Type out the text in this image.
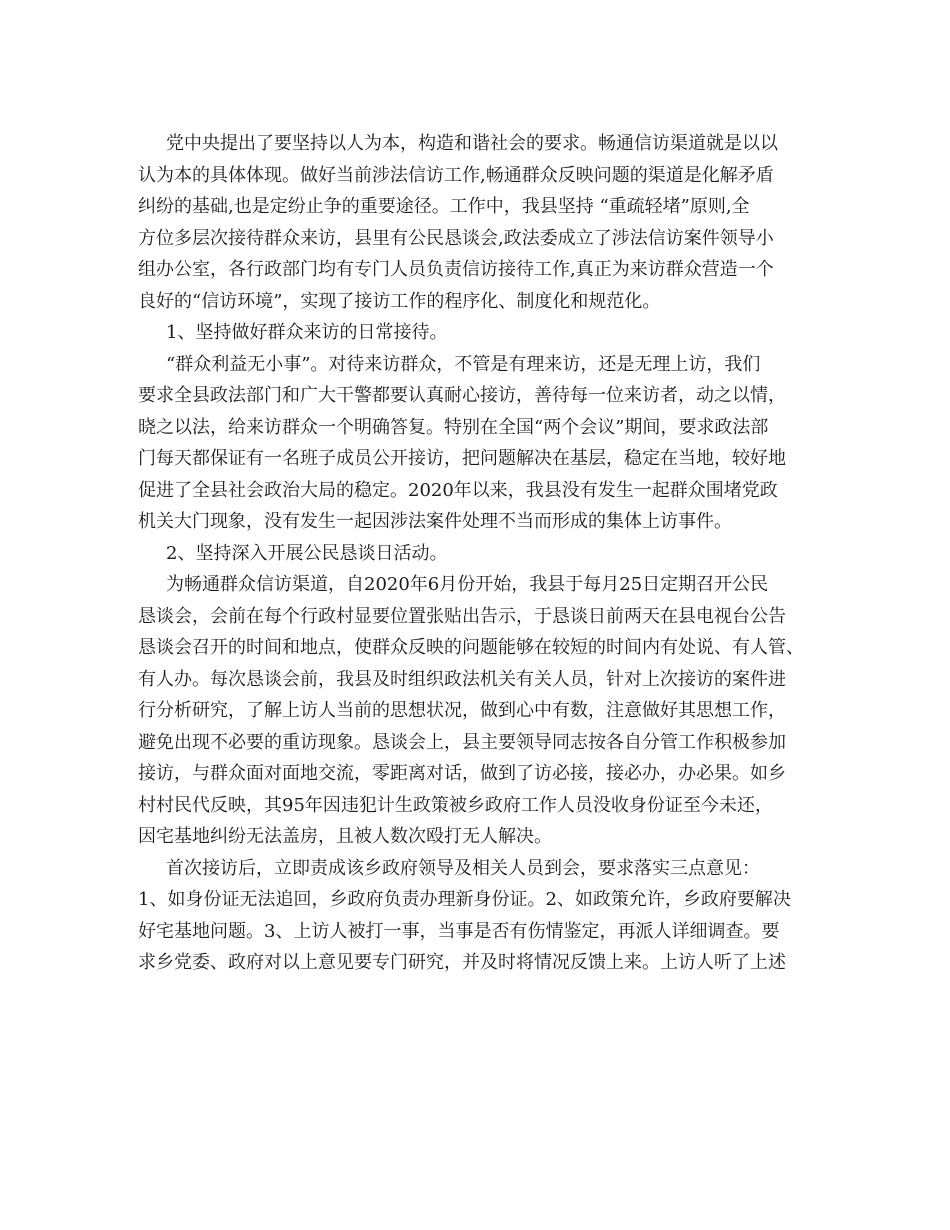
党中央提出了要坚持以人为本，构造和谐社会的要求。畅通信访渠道就是以以
认为本的具体体现。做好当前涉法信访工作,畅通群众反映问题的渠道是化解矛盾
纠纷的基础,也是定纷止争的重要途径。工作中，我县坚持 “重疏轻堵”原则,全
方位多层次接待群众来访，县里有公民恳谈会,政法委成立了涉法信访案件领导小
组办公室，各行政部门均有专门人员负责信访接待工作,真正为来访群众营造一个
良好的“信访环境”，实现了接访工作的程序化、制度化和规范化。
1、坚持做好群众来访的日常接待。
“群众利益无小事”。对待来访群众，不管是有理来访，还是无理上访，我们
要求全县政法部门和广大干警都要认真耐心接访，善待每一位来访者，动之以情，
晓之以法，给来访群众一个明确答复。特别在全国“两个会议”期间，要求政法部
门每天都保证有一名班子成员公开接访，把问题解决在基层，稳定在当地，较好地
促进了全县社会政治大局的稳定。2020年以来，我县没有发生一起群众围堵党政
机关大门现象，没有发生一起因涉法案件处理不当而形成的集体上访事件。
2、坚持深入开展公民恳谈日活动。
为畅通群众信访渠道，自2020年6月份开始，我县于每月25日定期召开公民
恳谈会，会前在每个行政村显要位置张贴出告示，于恳谈日前两天在县电视台公告
恳谈会召开的时间和地点，使群众反映的问题能够在较短的时间内有处说、有人管、
有人办。每次恳谈会前，我县及时组织政法机关有关人员，针对上次接访的案件进
行分析研究，了解上访人当前的思想状况，做到心中有数，注意做好其思想工作，
避免出现不必要的重访现象。恳谈会上，县主要领导同志按各自分管工作积极参加
接访，与群众面对面地交流，零距离对话，做到了访必接，接必办，办必果。如乡
村村民代反映，其95年因违犯计生政策被乡政府工作人员没收身份证至今未还，
因宅基地纠纷无法盖房，且被人数次殴打无人解决。
首次接访后，立即责成该乡政府领导及相关人员到会，要求落实三点意见：
1、如身份证无法追回，乡政府负责办理新身份证。2、如政策允许，乡政府要解决
好宅基地问题。3、上访人被打一事，当事是否有伤情鉴定，再派人详细调查。要
求乡党委、政府对以上意见要专门研究，并及时将情况反馈上来。上访人听了上述
